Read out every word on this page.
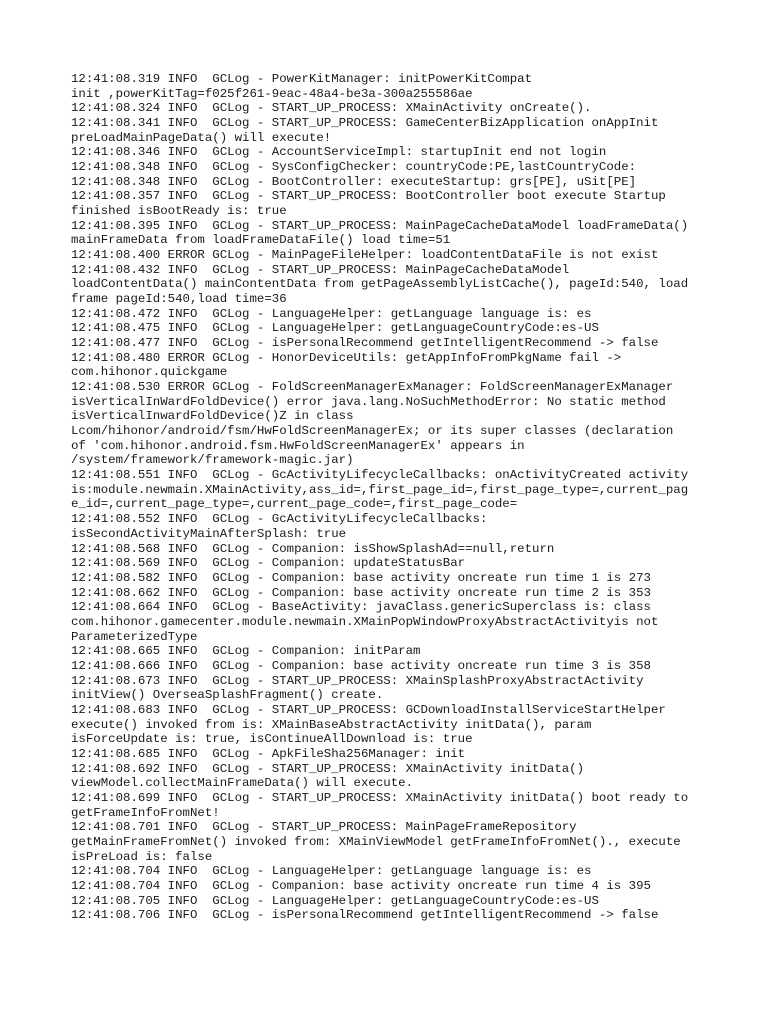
12:41:08.319 INFO  GCLog - PowerKitManager: initPowerKitCompat
init ,powerKitTag=f025f261-9eac-48a4-be3a-300a255586ae
12:41:08.324 INFO  GCLog - START_UP_PROCESS: XMainActivity onCreate().
12:41:08.341 INFO  GCLog - START_UP_PROCESS: GameCenterBizApplication onAppInit
preLoadMainPageData() will execute!
12:41:08.346 INFO  GCLog - AccountServiceImpl: startupInit end not login
12:41:08.348 INFO  GCLog - SysConfigChecker: countryCode:PE,lastCountryCode:
12:41:08.348 INFO  GCLog - BootController: executeStartup: grs[PE], uSit[PE]
12:41:08.357 INFO  GCLog - START_UP_PROCESS: BootController boot execute Startup
finished isBootReady is: true
12:41:08.395 INFO  GCLog - START_UP_PROCESS: MainPageCacheDataModel loadFrameData()
mainFrameData from loadFrameDataFile() load time=51
12:41:08.400 ERROR GCLog - MainPageFileHelper: loadContentDataFile is not exist
12:41:08.432 INFO  GCLog - START_UP_PROCESS: MainPageCacheDataModel
loadContentData() mainContentData from getPageAssemblyListCache(), pageId:540, load
frame pageId:540,load time=36
12:41:08.472 INFO  GCLog - LanguageHelper: getLanguage language is: es
12:41:08.475 INFO  GCLog - LanguageHelper: getLanguageCountryCode:es-US
12:41:08.477 INFO  GCLog - isPersonalRecommend getIntelligentRecommend -> false
12:41:08.480 ERROR GCLog - HonorDeviceUtils: getAppInfoFromPkgName fail ->
com.hihonor.quickgame
12:41:08.530 ERROR GCLog - FoldScreenManagerExManager: FoldScreenManagerExManager
isVerticalInWardFoldDevice() error java.lang.NoSuchMethodError: No static method
isVerticalInwardFoldDevice()Z in class
Lcom/hihonor/android/fsm/HwFoldScreenManagerEx; or its super classes (declaration
of 'com.hihonor.android.fsm.HwFoldScreenManagerEx' appears in
/system/framework/framework-magic.jar)
12:41:08.551 INFO  GCLog - GcActivityLifecycleCallbacks: onActivityCreated activity
is:module.newmain.XMainActivity,ass_id=,first_page_id=,first_page_type=,current_pag
e_id=,current_page_type=,current_page_code=,first_page_code=
12:41:08.552 INFO  GCLog - GcActivityLifecycleCallbacks:
isSecondActivityMainAfterSplash: true
12:41:08.568 INFO  GCLog - Companion: isShowSplashAd==null,return
12:41:08.569 INFO  GCLog - Companion: updateStatusBar
12:41:08.582 INFO  GCLog - Companion: base activity oncreate run time 1 is 273
12:41:08.662 INFO  GCLog - Companion: base activity oncreate run time 2 is 353
12:41:08.664 INFO  GCLog - BaseActivity: javaClass.genericSuperclass is: class
com.hihonor.gamecenter.module.newmain.XMainPopWindowProxyAbstractActivityis not
ParameterizedType
12:41:08.665 INFO  GCLog - Companion: initParam
12:41:08.666 INFO  GCLog - Companion: base activity oncreate run time 3 is 358
12:41:08.673 INFO  GCLog - START_UP_PROCESS: XMainSplashProxyAbstractActivity
initView() OverseaSplashFragment() create.
12:41:08.683 INFO  GCLog - START_UP_PROCESS: GCDownloadInstallServiceStartHelper
execute() invoked from is: XMainBaseAbstractActivity initData(), param
isForceUpdate is: true, isContinueAllDownload is: true
12:41:08.685 INFO  GCLog - ApkFileSha256Manager: init
12:41:08.692 INFO  GCLog - START_UP_PROCESS: XMainActivity initData()
viewModel.collectMainFrameData() will execute.
12:41:08.699 INFO  GCLog - START_UP_PROCESS: XMainActivity initData() boot ready to
getFrameInfoFromNet!
12:41:08.701 INFO  GCLog - START_UP_PROCESS: MainPageFrameRepository
getMainFrameFromNet() invoked from: XMainViewModel getFrameInfoFromNet()., execute
isPreLoad is: false
12:41:08.704 INFO  GCLog - LanguageHelper: getLanguage language is: es
12:41:08.704 INFO  GCLog - Companion: base activity oncreate run time 4 is 395
12:41:08.705 INFO  GCLog - LanguageHelper: getLanguageCountryCode:es-US
12:41:08.706 INFO  GCLog - isPersonalRecommend getIntelligentRecommend -> false
